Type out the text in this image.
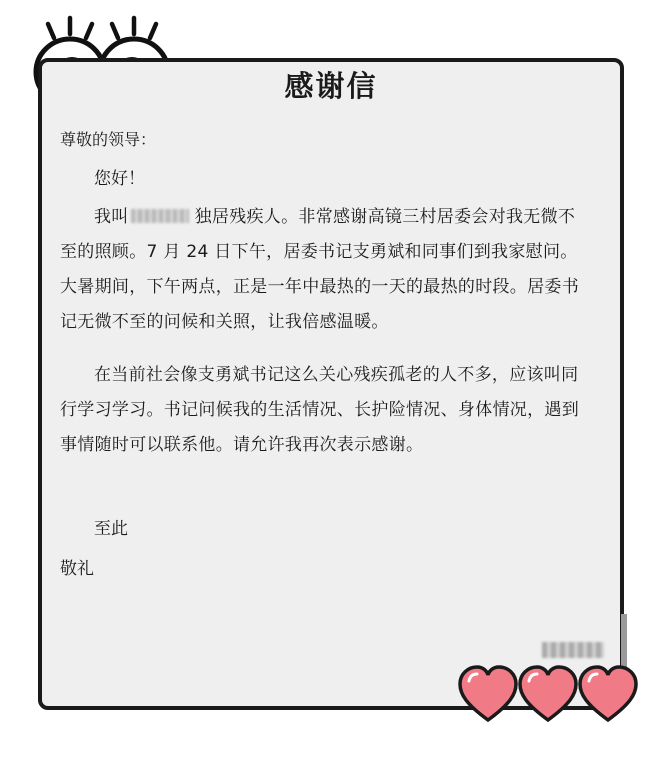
感谢信
尊敬的领导：
您好！
我叫	独居残疾人。非常感谢高镜三村居委会对我无微不
至的照顾。7 月 24 日下午，居委书记支勇斌和同事们到我家慰问。
大暑期间，下午两点，正是一年中最热的一天的最热的时段。居委书
记无微不至的问候和关照，让我倍感温暖。
在当前社会像支勇斌书记这么关心残疾孤老的人不多，应该叫同
行学习学习。书记问候我的生活情况、长护险情况、身体情况，遇到
事情随时可以联系他。请允许我再次表示感谢。
至此
敬礼
